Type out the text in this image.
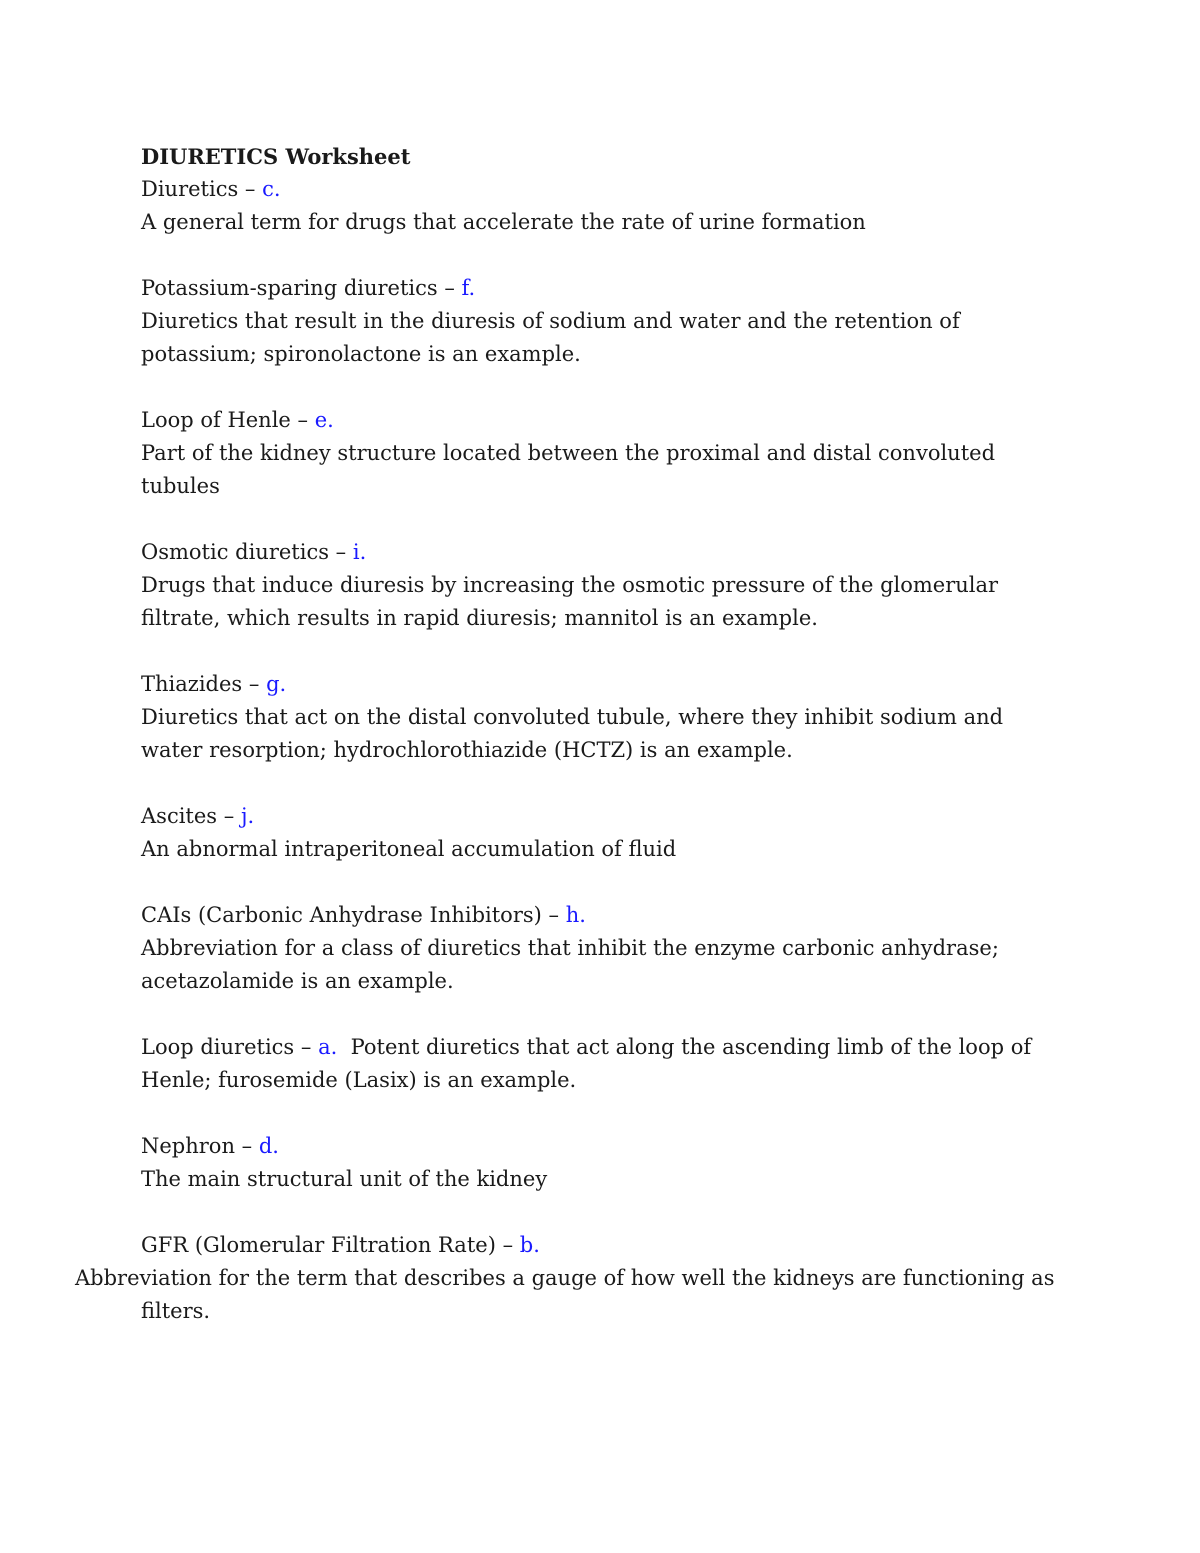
DIURETICS Worksheet

Diuretics – c.

A general term for drugs that accelerate the rate of urine formation

Potassium-sparing diuretics – f.

Diuretics that result in the diuresis of sodium and water and the retention of potassium; spironolactone is an example.

Loop of Henle – e.

Part of the kidney structure located between the proximal and distal convoluted tubules

Osmotic diuretics – i.

Drugs that induce diuresis by increasing the osmotic pressure of the glomerular filtrate, which results in rapid diuresis; mannitol is an example.

Thiazides – g.

Diuretics that act on the distal convoluted tubule, where they inhibit sodium and water resorption; hydrochlorothiazide (HCTZ) is an example.

Ascites – j.

An abnormal intraperitoneal accumulation of fluid

CAIs (Carbonic Anhydrase Inhibitors) – h.

Abbreviation for a class of diuretics that inhibit the enzyme carbonic anhydrase; acetazolamide is an example.

Loop diuretics – a. Potent diuretics that act along the ascending limb of the loop of Henle; furosemide (Lasix) is an example.

Nephron – d.

The main structural unit of the kidney

GFR (Glomerular Filtration Rate) – b.

Abbreviation for the term that describes a gauge of how well the kidneys are functioning as
filters.
